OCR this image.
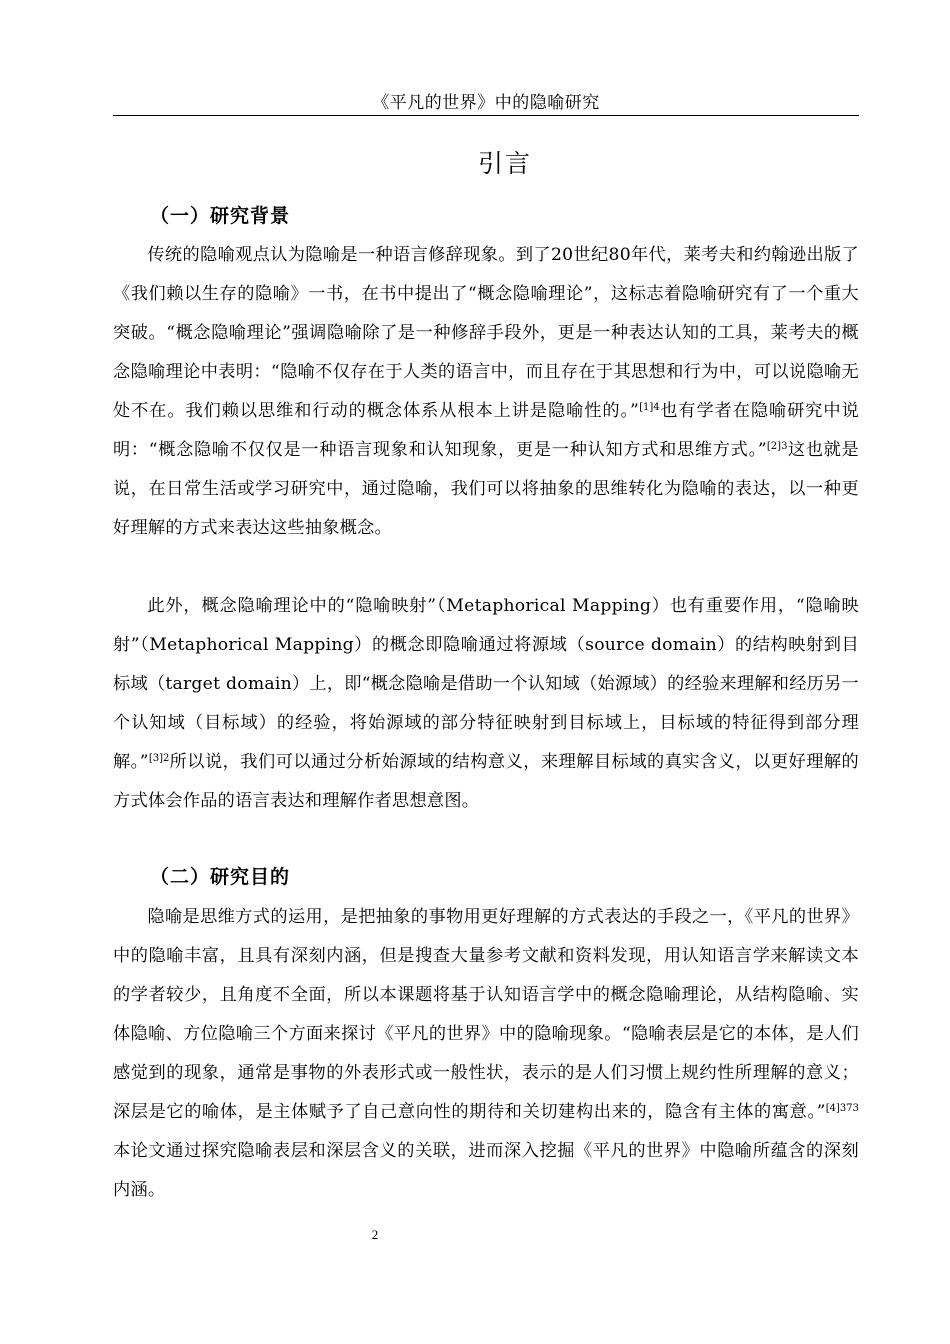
《平凡的世界》中的隐喻研究
引言
（一）研究背景

传统的隐喻观点认为隐喻是一种语言修辞现象。到了20世纪80年代，莱考夫和约翰逊出版了《我们赖以生存的隐喻》一书，在书中提出了“概念隐喻理论”，这标志着隐喻研究有了一个重大突破。“概念隐喻理论”强调隐喻除了是一种修辞手段外，更是一种表达认知的工具，莱考夫的概念隐喻理论中表明：“隐喻不仅存在于人类的语言中，而且存在于其思想和行为中，可以说隐喻无处不在。我们赖以思维和行动的概念体系从根本上讲是隐喻性的。”$^{[1]4}$也有学者在隐喻研究中说明：“概念隐喻不仅仅是一种语言现象和认知现象，更是一种认知方式和思维方式。”$^{[2]3}$这也就是说，在日常生活或学习研究中，通过隐喻，我们可以将抽象的思维转化为隐喻的表达，以一种更好理解的方式来表达这些抽象概念。

此外，概念隐喻理论中的“隐喻映射”（Metaphorical Mapping）也有重要作用，“隐喻映射”（Metaphorical Mapping）的概念即隐喻通过将源域（source domain）的结构映射到目标域（target domain）上，即“概念隐喻是借助一个认知域（始源域）的经验来理解和经历另一个认知域（目标域）的经验，将始源域的部分特征映射到目标域上，目标域的特征得到部分理解。”$^{[3]2}$所以说，我们可以通过分析始源域的结构意义，来理解目标域的真实含义，以更好理解的方式体会作品的语言表达和理解作者思想意图。

（二）研究目的

隐喻是思维方式的运用，是把抽象的事物用更好理解的方式表达的手段之一，《平凡的世界》中的隐喻丰富，且具有深刻内涵，但是搜查大量参考文献和资料发现，用认知语言学来解读文本的学者较少，且角度不全面，所以本课题将基于认知语言学中的概念隐喻理论，从结构隐喻、实体隐喻、方位隐喻三个方面来探讨《平凡的世界》中的隐喻现象。“隐喻表层是它的本体，是人们感觉到的现象，通常是事物的外表形式或一般性状，表示的是人们习惯上规约性所理解的意义；深层是它的喻体，是主体赋予了自己意向性的期待和关切建构出来的，隐含有主体的寓意。”$^{[4]373}$本论文通过探究隐喻表层和深层含义的关联，进而深入挖掘《平凡的世界》中隐喻所蕴含的深刻内涵。

2
